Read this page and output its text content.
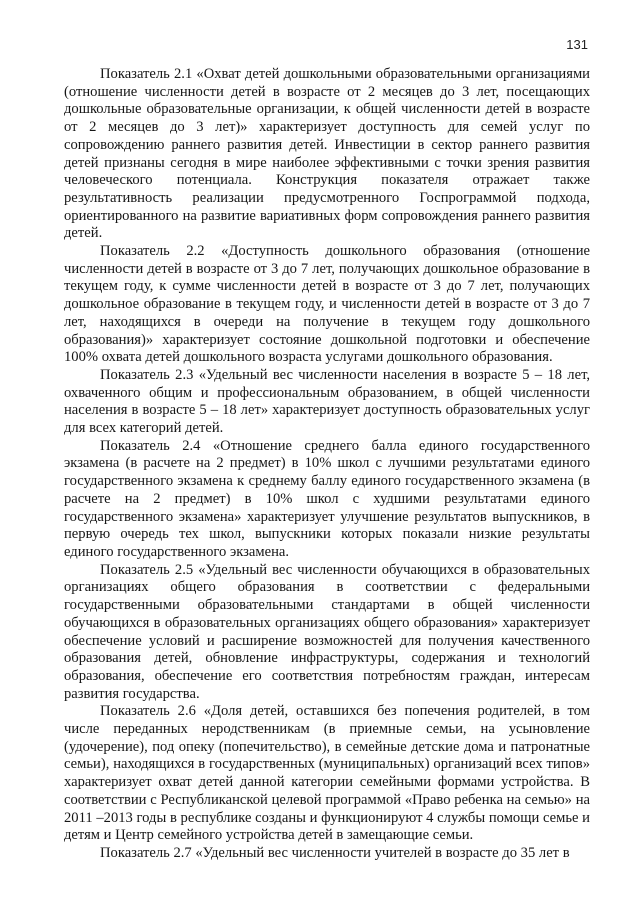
131

Показатель 2.1 «Охват детей дошкольными образовательными организациями (отношение численности детей в возрасте от 2 месяцев до 3 лет, посещающих дошкольные образовательные организации, к общей численности детей в возрасте от 2 месяцев до 3 лет)» характеризует доступность для семей услуг по сопровождению раннего развития детей. Инвестиции в сектор раннего развития детей признаны сегодня в мире наиболее эффективными с точки зрения развития человеческого потенциала. Конструкция показателя отражает также результативность реализации предусмотренного Госпрограммой подхода, ориентированного на развитие вариативных форм сопровождения раннего развития детей.

Показатель 2.2 «Доступность дошкольного образования (отношение численности детей в возрасте от 3 до 7 лет, получающих дошкольное образование в текущем году, к сумме численности детей в возрасте от 3 до 7 лет, получающих дошкольное образование в текущем году, и численности детей в возрасте от 3 до 7 лет, находящихся в очереди на получение в текущем году дошкольного образования)» характеризует состояние дошкольной подготовки и обеспечение 100% охвата детей дошкольного возраста услугами дошкольного образования.

Показатель 2.3 «Удельный вес численности населения в возрасте 5 – 18 лет, охваченного общим и профессиональным образованием, в общей численности населения в возрасте 5 – 18 лет» характеризует доступность образовательных услуг для всех категорий детей.

Показатель 2.4 «Отношение среднего балла единого государственного экзамена (в расчете на 2 предмет) в 10% школ с лучшими результатами единого государственного экзамена к среднему баллу единого государственного экзамена (в расчете на 2 предмет) в 10% школ с худшими результатами единого государственного экзамена» характеризует улучшение результатов выпускников, в первую очередь тех школ, выпускники которых показали низкие результаты единого государственного экзамена.

Показатель 2.5 «Удельный вес численности обучающихся в образовательных организациях общего образования в соответствии с федеральными государственными образовательными стандартами в общей численности обучающихся в образовательных организациях общего образования» характеризует обеспечение условий и расширение возможностей для получения качественного образования детей, обновление инфраструктуры, содержания и технологий образования, обеспечение его соответствия потребностям граждан, интересам развития государства.

Показатель 2.6 «Доля детей, оставшихся без попечения родителей, в том числе переданных неродственникам (в приемные семьи, на усыновление (удочерение), под опеку (попечительство), в семейные детские дома и патронатные семьи), находящихся в государственных (муниципальных) организаций всех типов» характеризует охват детей данной категории семейными формами устройства. В соответствии с Республиканской целевой программой «Право ребенка на семью» на 2011 –2013 годы в республике созданы и функционируют 4 службы помощи семье и детям и Центр семейного устройства детей в замещающие семьи.

Показатель 2.7 «Удельный вес численности учителей в возрасте до 35 лет в
